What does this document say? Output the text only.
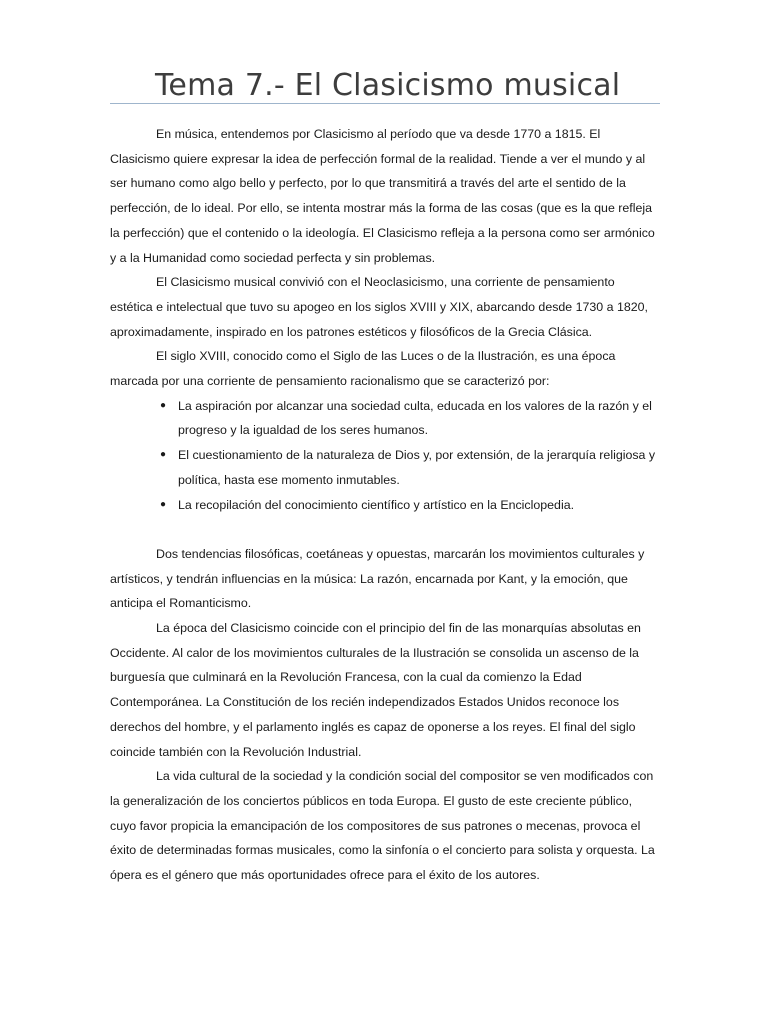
Tema 7.- El Clasicismo musical

En música, entendemos por Clasicismo al período que va desde 1770 a 1815. El Clasicismo quiere expresar la idea de perfección formal de la realidad. Tiende a ver el mundo y al ser humano como algo bello y perfecto, por lo que transmitirá a través del arte el sentido de la perfección, de lo ideal. Por ello, se intenta mostrar más la forma de las cosas (que es la que refleja la perfección) que el contenido o la ideología. El Clasicismo refleja a la persona como ser armónico y a la Humanidad como sociedad perfecta y sin problemas.

El Clasicismo musical convivió con el Neoclasicismo, una corriente de pensamiento estética e intelectual que tuvo su apogeo en los siglos XVIII y XIX, abarcando desde 1730 a 1820, aproximadamente, inspirado en los patrones estéticos y filosóficos de la Grecia Clásica.

El siglo XVIII, conocido como el Siglo de las Luces o de la Ilustración, es una época marcada por una corriente de pensamiento racionalismo que se caracterizó por:

● La aspiración por alcanzar una sociedad culta, educada en los valores de la razón y el progreso y la igualdad de los seres humanos.
● El cuestionamiento de la naturaleza de Dios y, por extensión, de la jerarquía religiosa y política, hasta ese momento inmutables.
● La recopilación del conocimiento científico y artístico en la Enciclopedia.

Dos tendencias filosóficas, coetáneas y opuestas, marcarán los movimientos culturales y artísticos, y tendrán influencias en la música: La razón, encarnada por Kant, y la emoción, que anticipa el Romanticismo.

La época del Clasicismo coincide con el principio del fin de las monarquías absolutas en Occidente. Al calor de los movimientos culturales de la Ilustración se consolida un ascenso de la burguesía que culminará en la Revolución Francesa, con la cual da comienzo la Edad Contemporánea. La Constitución de los recién independizados Estados Unidos reconoce los derechos del hombre, y el parlamento inglés es capaz de oponerse a los reyes. El final del siglo coincide también con la Revolución Industrial.

La vida cultural de la sociedad y la condición social del compositor se ven modificados con la generalización de los conciertos públicos en toda Europa. El gusto de este creciente público, cuyo favor propicia la emancipación de los compositores de sus patrones o mecenas, provoca el éxito de determinadas formas musicales, como la sinfonía o el concierto para solista y orquesta. La ópera es el género que más oportunidades ofrece para el éxito de los autores.
